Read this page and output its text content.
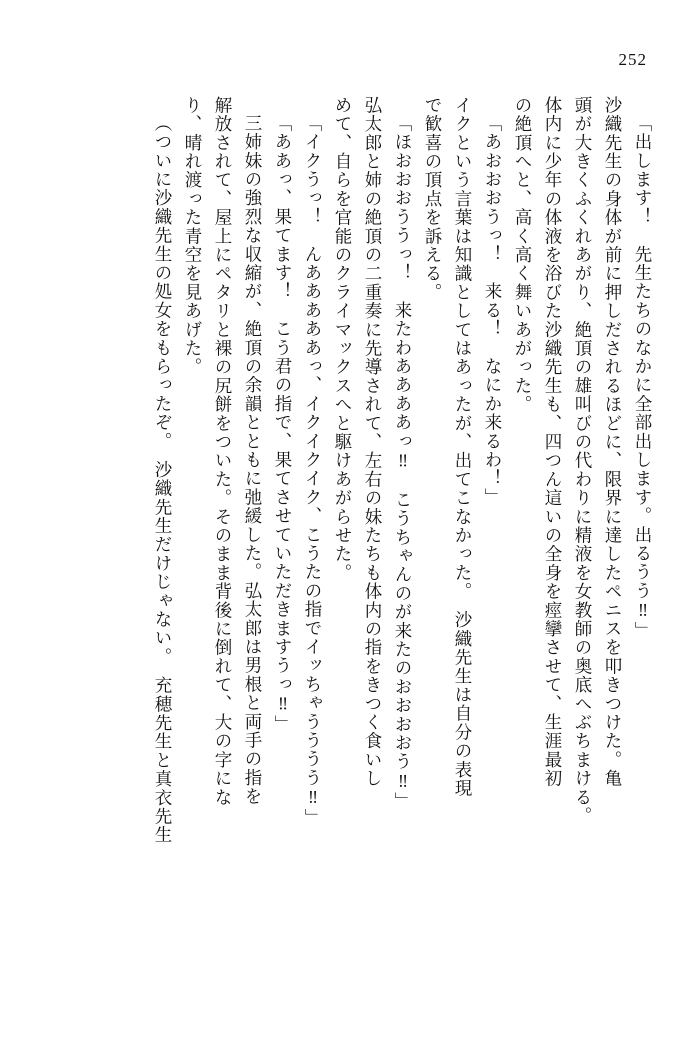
252
「出します！　先生たちのなかに全部出します。出るうう‼」
沙織先生の身体が前に押しだされるほどに、限界に達したペニスを叩きつけた。亀
頭が大きくふくれあがり、絶頂の雄叫びの代わりに精液を女教師の奥底へぶちまける。
体内に少年の体液を浴びた沙織先生も、四つん這いの全身を痙攣させて、生涯最初
の絶頂へと、高く高く舞いあがった。
「あおおおうっ！　来る！　なにか来るわ！」
イクという言葉は知識としてはあったが、出てこなかった。　沙織先生は自分の表現
で歓喜の頂点を訴える。
「ほおおおううっ！　来たわああああっ‼　こうちゃんのが来たのおおおおう‼」
弘太郎と姉の絶頂の二重奏に先導されて、左右の妹たちも体内の指をきつく食いし
めて、自らを官能のクライマックスへと駆けあがらせた。
「イクうっ！　んあああああっ、イクイクイク、こうたの指でイッちゃうううう‼」
「ああっ、果てます！　こう君の指で、果てさせていただきますうっ‼」
三姉妹の強烈な収縮が、絶頂の余韻とともに弛緩した。弘太郎は男根と両手の指を
解放されて、屋上にペタリと裸の尻餅をついた。そのまま背後に倒れて、大の字にな
り、晴れ渡った青空を見あげた。
（ついに沙織先生の処女をもらったぞ。　沙織先生だけじゃない。　充穂先生と真衣先生
